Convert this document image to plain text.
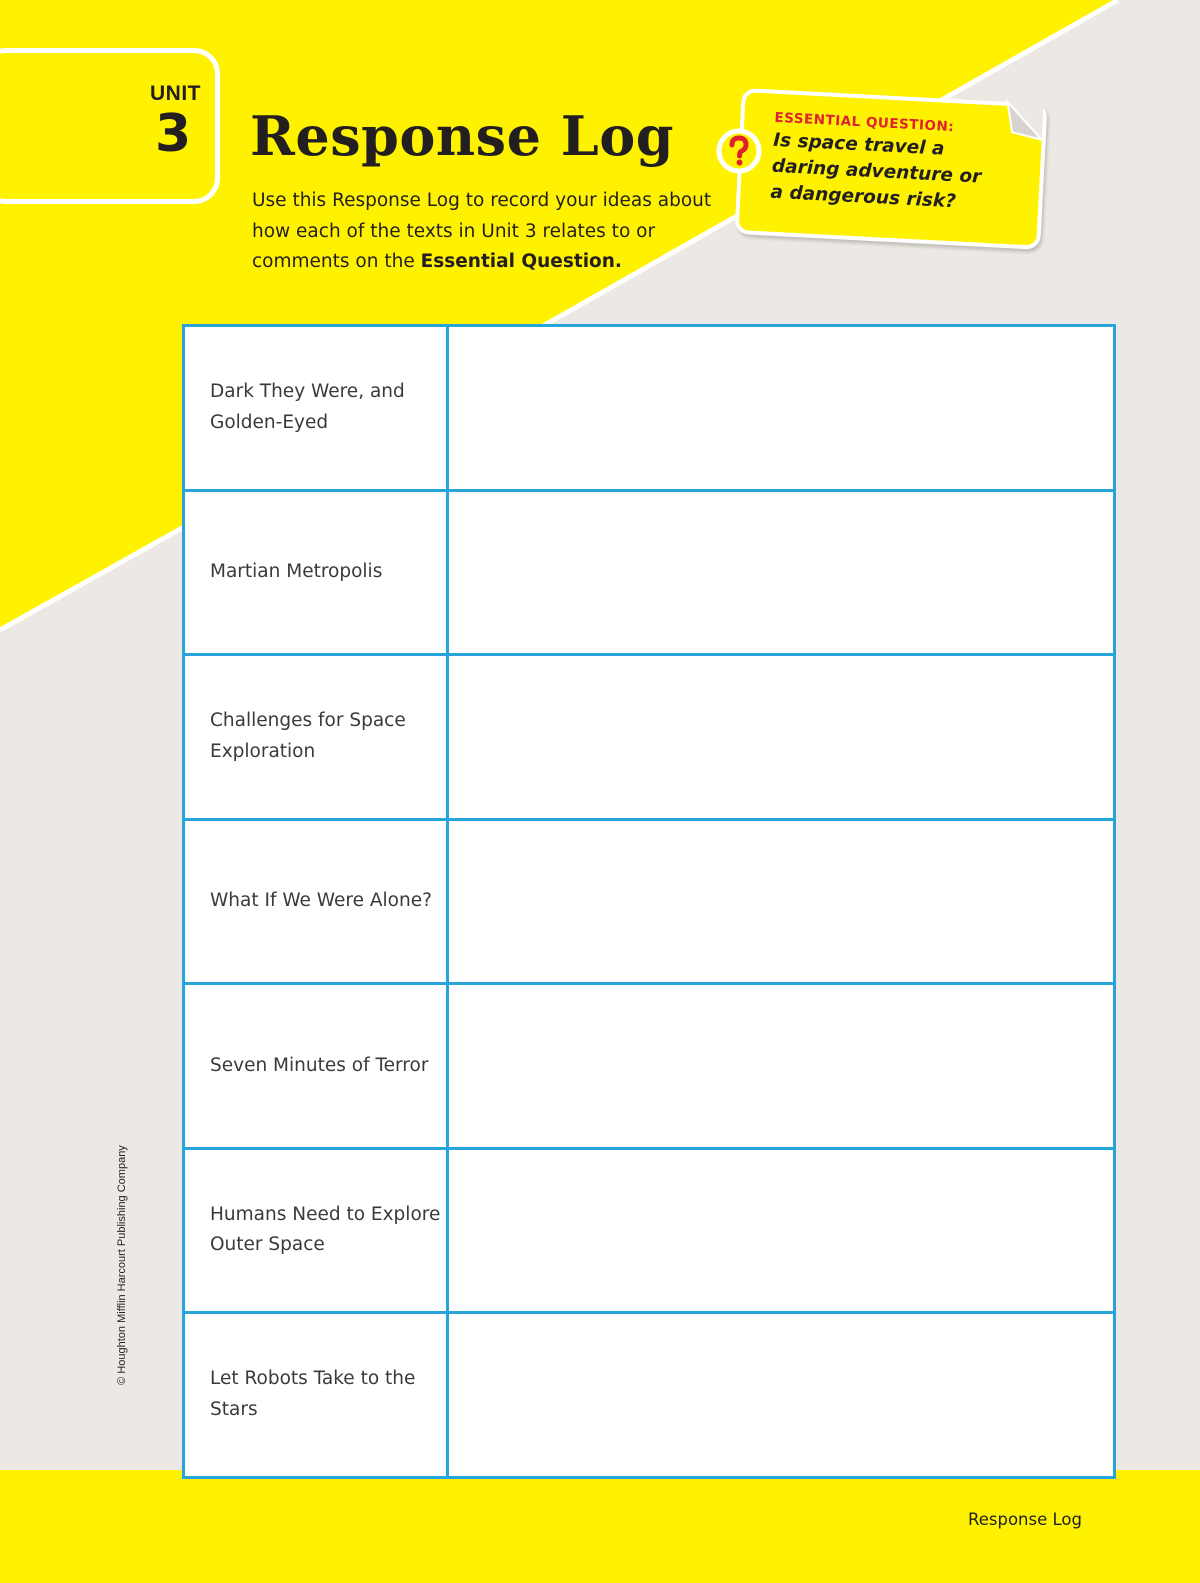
UNIT
3 Response Log
Use this Response Log to record your ideas about how each of the texts in Unit 3 relates to or comments on the Essential Question.
ESSENTIAL QUESTION:
Is space travel a daring adventure or a dangerous risk?
Dark They Were, and Golden-Eyed	
Martian Metropolis	
Challenges for Space Exploration	
What If We Were Alone?	
Seven Minutes of Terror	
Humans Need to Explore Outer Space	
Let Robots Take to the Stars	
© Houghton Mifflin Harcourt Publishing Company
Response Log
